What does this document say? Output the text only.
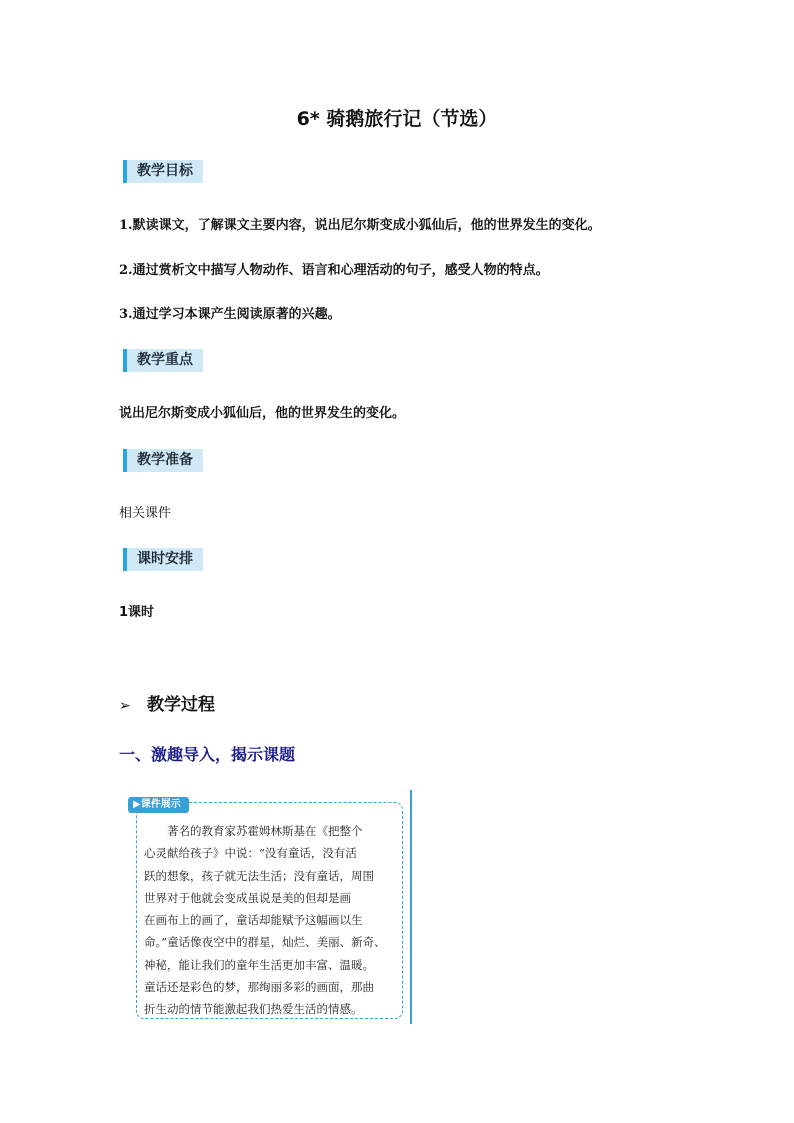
6* 骑鹅旅行记（节选）
教学目标
1.默读课文，了解课文主要内容，说出尼尔斯变成小狐仙后，他的世界发生的变化。
2.通过赏析文中描写人物动作、语言和心理活动的句子，感受人物的特点。
3.通过学习本课产生阅读原著的兴趣。
教学重点
说出尼尔斯变成小狐仙后，他的世界发生的变化。
教学准备
相关课件
课时安排
1课时
➢ 教学过程
一、激趣导入，揭示课题
▶课件展示
　　著名的教育家苏霍姆林斯基在《把整个
心灵献给孩子》中说：“没有童话，没有活
跃的想象，孩子就无法生活；没有童话，周围
世界对于他就会变成虽说是美的但却是画
在画布上的画了，童话却能赋予这幅画以生
命。”童话像夜空中的群星，灿烂、美丽、新奇、
神秘，能让我们的童年生活更加丰富、温暖。
童话还是彩色的梦，那绚丽多彩的画面，那曲
折生动的情节能激起我们热爱生活的情感。
